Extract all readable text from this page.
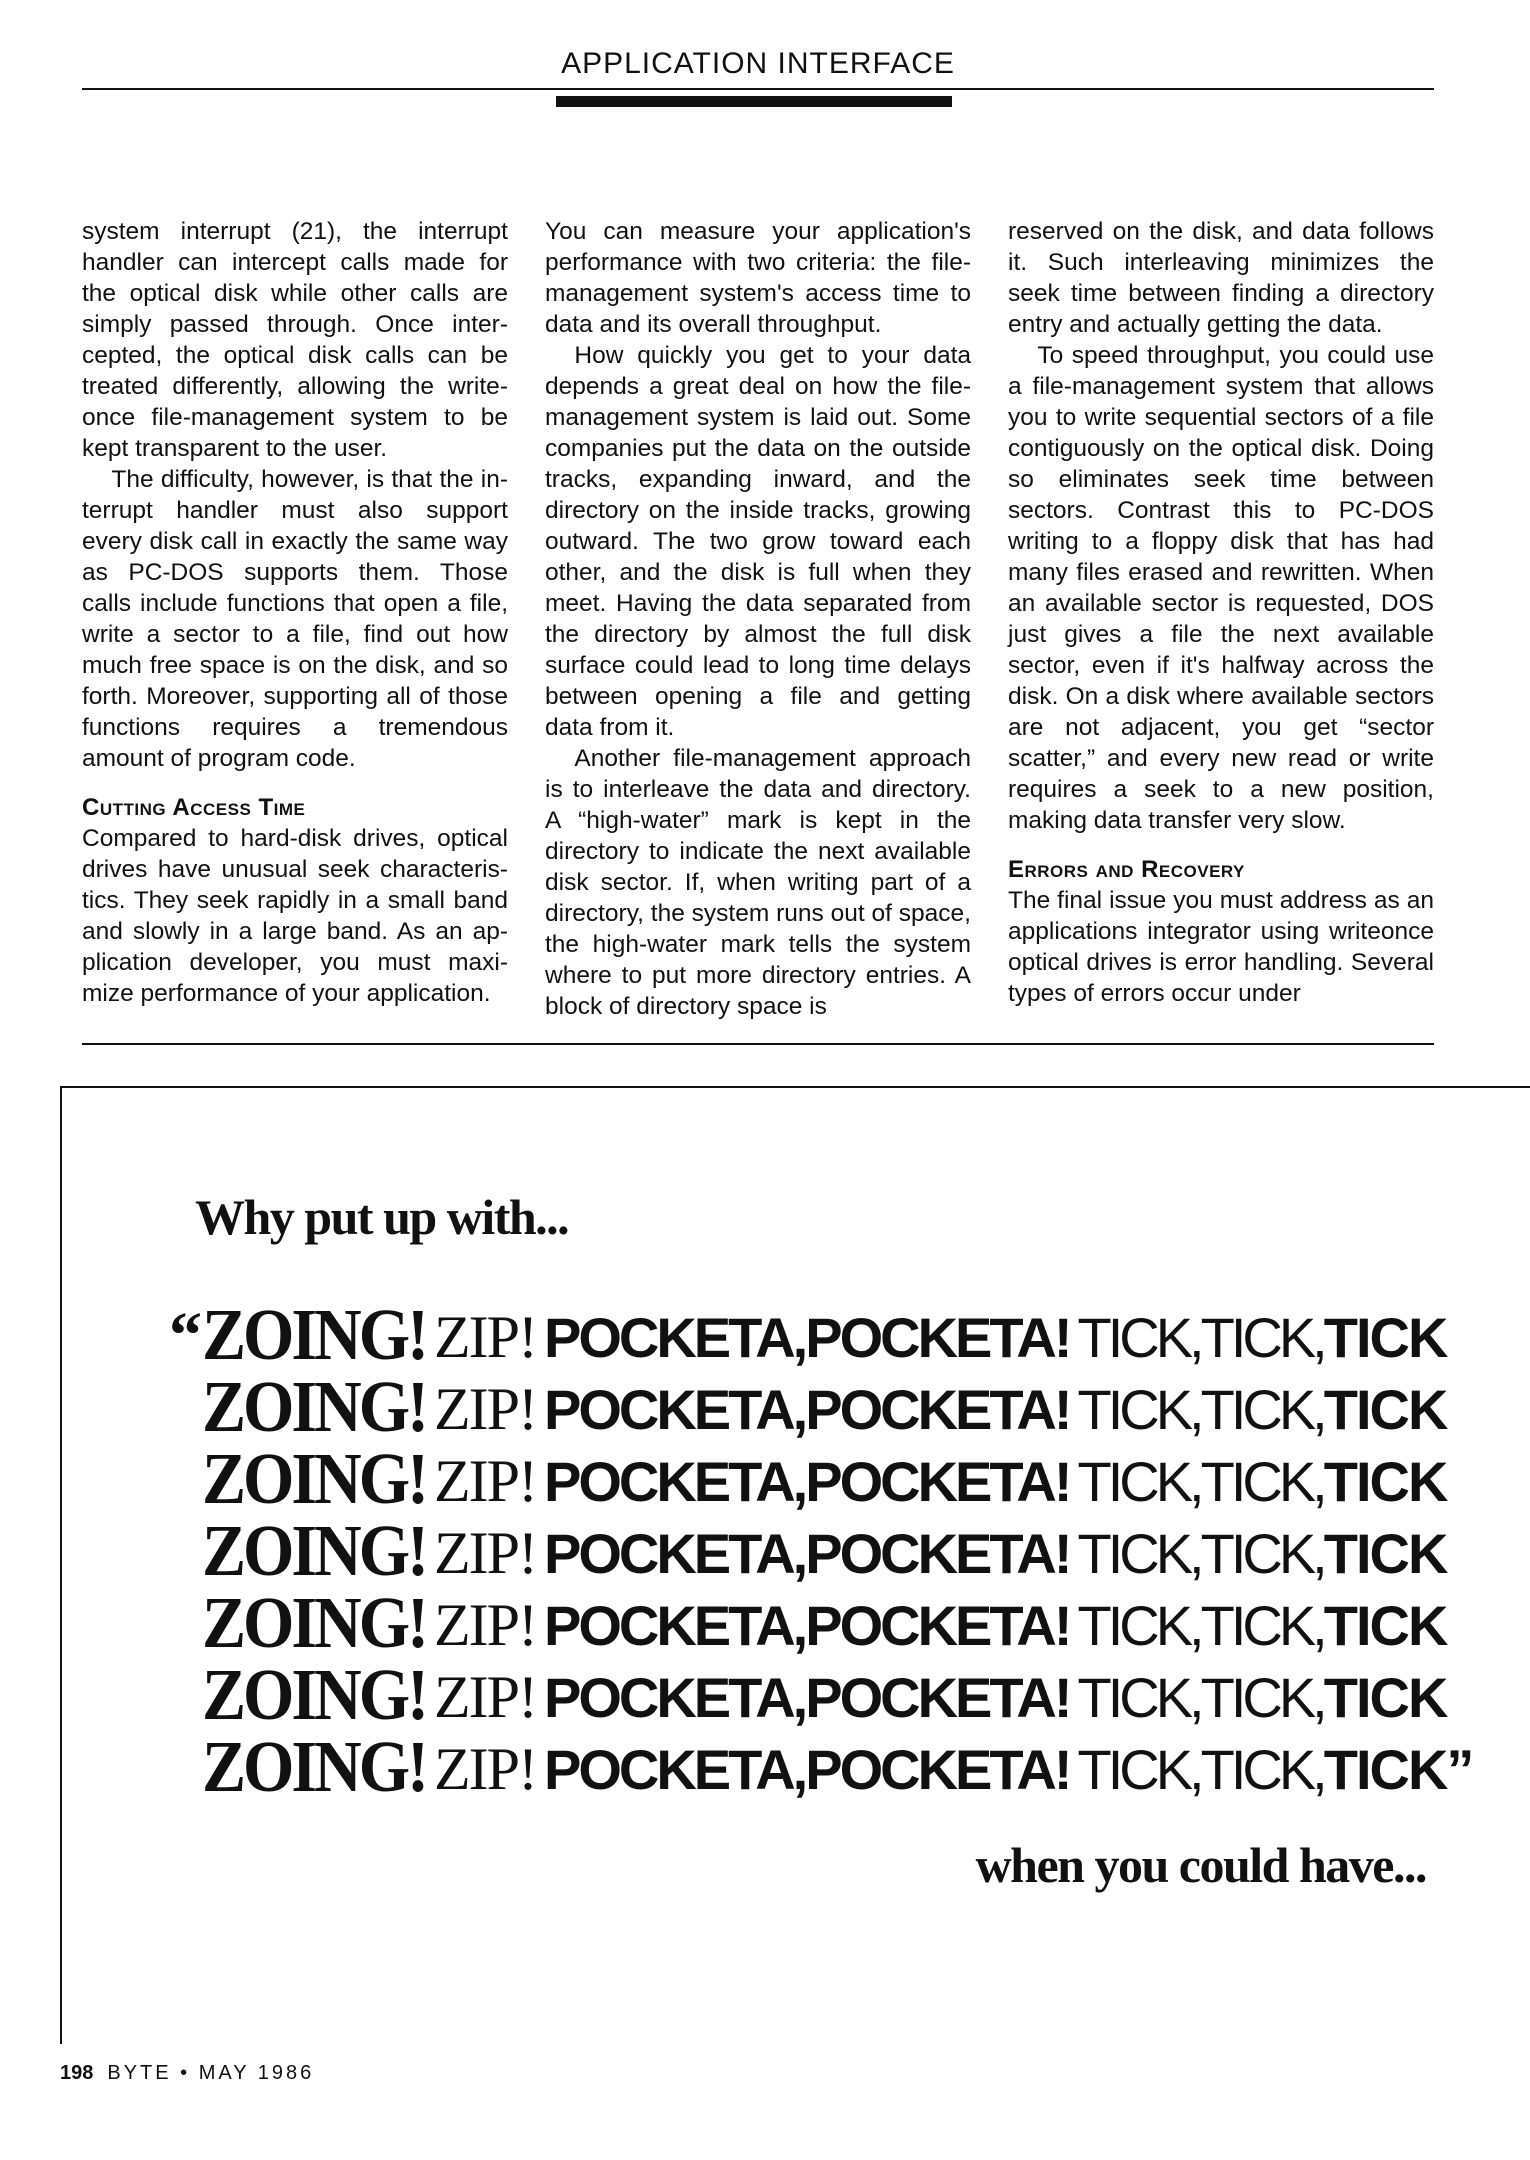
APPLICATION INTERFACE

system interrupt (21), the interrupt handler can intercept calls made for the optical disk while other calls are simply passed through. Once intercepted, the optical disk calls can be treated differently, allowing the writeonce file-management system to be kept transparent to the user.

The difficulty, however, is that the interrupt handler must also support every disk call in exactly the same way as PC-DOS supports them. Those calls include functions that open a file, write a sector to a file, find out how much free space is on the disk, and so forth. Moreover, supporting all of those functions requires a tremendous amount of program code.

Cutting Access Time

Compared to hard-disk drives, optical drives have unusual seek characteristics. They seek rapidly in a small band and slowly in a large band. As an application developer, you must maximize performance of your application.

You can measure your application's performance with two criteria: the file-management system's access time to data and its overall throughput.

How quickly you get to your data depends a great deal on how the file-management system is laid out. Some companies put the data on the outside tracks, expanding inward, and the directory on the inside tracks, growing outward. The two grow toward each other, and the disk is full when they meet. Having the data separated from the directory by almost the full disk surface could lead to long time delays between opening a file and getting data from it.

Another file-management approach is to interleave the data and directory. A “high-water” mark is kept in the directory to indicate the next available disk sector. If, when writing part of a directory, the system runs out of space, the high-water mark tells the system where to put more directory entries. A block of directory space is

reserved on the disk, and data follows it. Such interleaving minimizes the seek time between finding a directory entry and actually getting the data.

To speed throughput, you could use a file-management system that allows you to write sequential sectors of a file contiguously on the optical disk. Doing so eliminates seek time between sectors. Contrast this to PC-DOS writing to a floppy disk that has had many files erased and rewritten. When an available sector is requested, DOS just gives a file the next available sector, even if it's halfway across the disk. On a disk where available sectors are not adjacent, you get “sector scatter,” and every new read or write requires a seek to a new position, making data transfer very slow.

Errors and Recovery

The final issue you must address as an applications integrator using writeonce optical drives is error handling. Several types of errors occur under

Why put up with...
“ ZOING! ZIP! POCKETA,POCKETA! TICK,TICK, TICK
ZOING! ZIP! POCKETA,POCKETA! TICK,TICK, TICK
ZOING! ZIP! POCKETA,POCKETA! TICK,TICK, TICK
ZOING! ZIP! POCKETA,POCKETA! TICK,TICK, TICK
ZOING! ZIP! POCKETA,POCKETA! TICK,TICK, TICK
ZOING! ZIP! POCKETA,POCKETA! TICK,TICK, TICK
ZOING! ZIP! POCKETA,POCKETA! TICK,TICK, TICK ”
when you could have...
198 BYTE • MAY 1986
